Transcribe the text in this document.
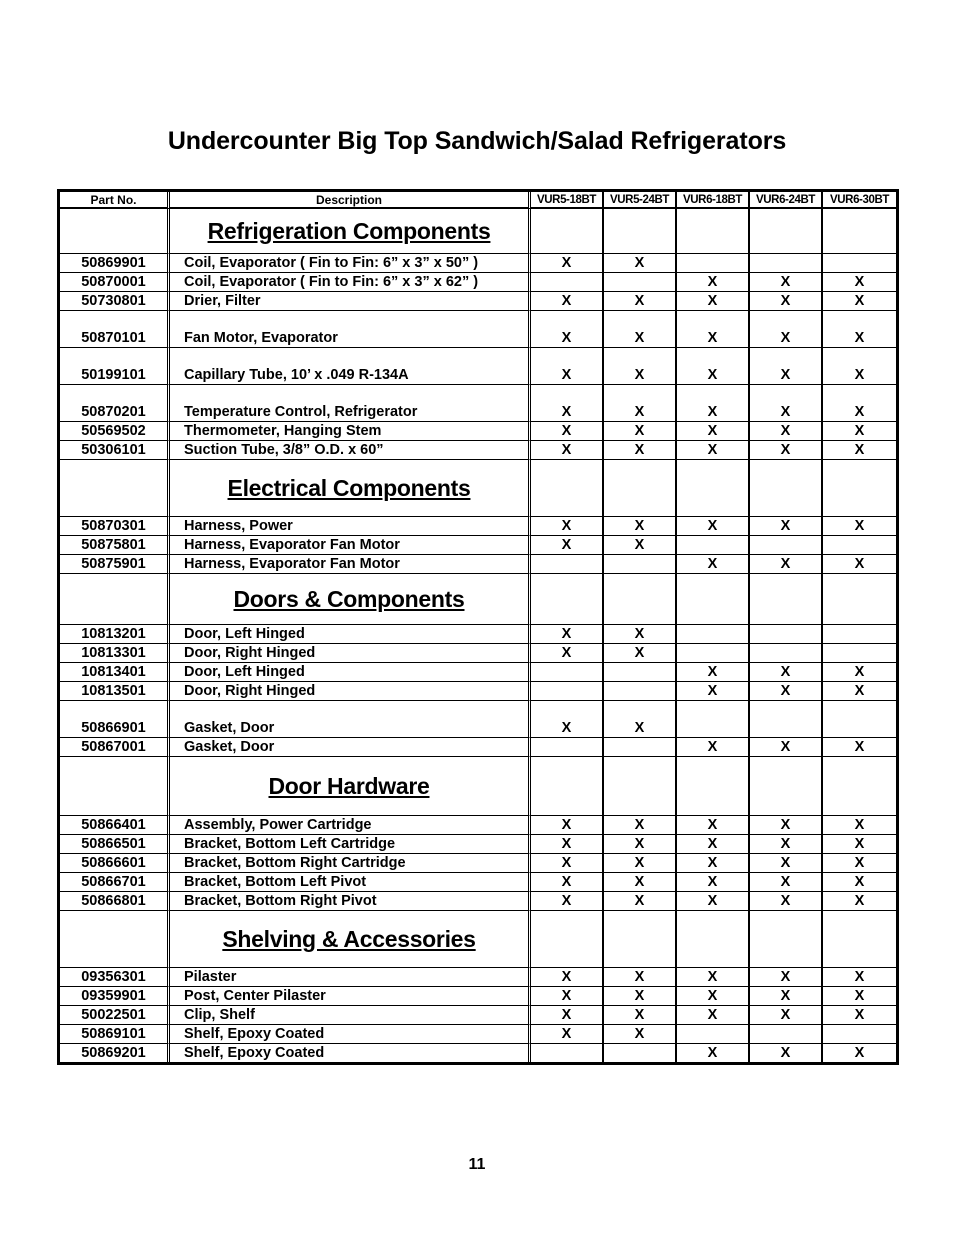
Undercounter Big Top Sandwich/Salad Refrigerators
Part No.	Description	VUR5-18BT	VUR5-24BT	VUR6-18BT	VUR6-24BT	VUR6-30BT
	Refrigeration Components					
50869901	Coil, Evaporator ( Fin to Fin: 6” x 3” x 50” )	X	X			
50870001	Coil, Evaporator ( Fin to Fin: 6” x 3” x 62” )			X	X	X
50730801	Drier, Filter	X	X	X	X	X
50870101	Fan Motor, Evaporator	X	X	X	X	X
50199101	Capillary Tube, 10’ x .049 R-134A	X	X	X	X	X
50870201	Temperature Control, Refrigerator	X	X	X	X	X
50569502	Thermometer, Hanging Stem	X	X	X	X	X
50306101	Suction Tube, 3/8” O.D. x 60”	X	X	X	X	X
	Electrical Components					
50870301	Harness, Power	X	X	X	X	X
50875801	Harness, Evaporator Fan Motor	X	X			
50875901	Harness, Evaporator Fan Motor			X	X	X
	Doors & Components					
10813201	Door, Left Hinged	X	X			
10813301	Door, Right Hinged	X	X			
10813401	Door, Left Hinged			X	X	X
10813501	Door, Right Hinged			X	X	X
50866901	Gasket, Door	X	X			
50867001	Gasket, Door			X	X	X
	Door Hardware					
50866401	Assembly, Power Cartridge	X	X	X	X	X
50866501	Bracket, Bottom Left Cartridge	X	X	X	X	X
50866601	Bracket, Bottom Right Cartridge	X	X	X	X	X
50866701	Bracket, Bottom Left Pivot	X	X	X	X	X
50866801	Bracket, Bottom Right Pivot	X	X	X	X	X
	Shelving & Accessories					
09356301	Pilaster	X	X	X	X	X
09359901	Post, Center Pilaster	X	X	X	X	X
50022501	Clip, Shelf	X	X	X	X	X
50869101	Shelf, Epoxy Coated	X	X			
50869201	Shelf, Epoxy Coated			X	X	X
11
